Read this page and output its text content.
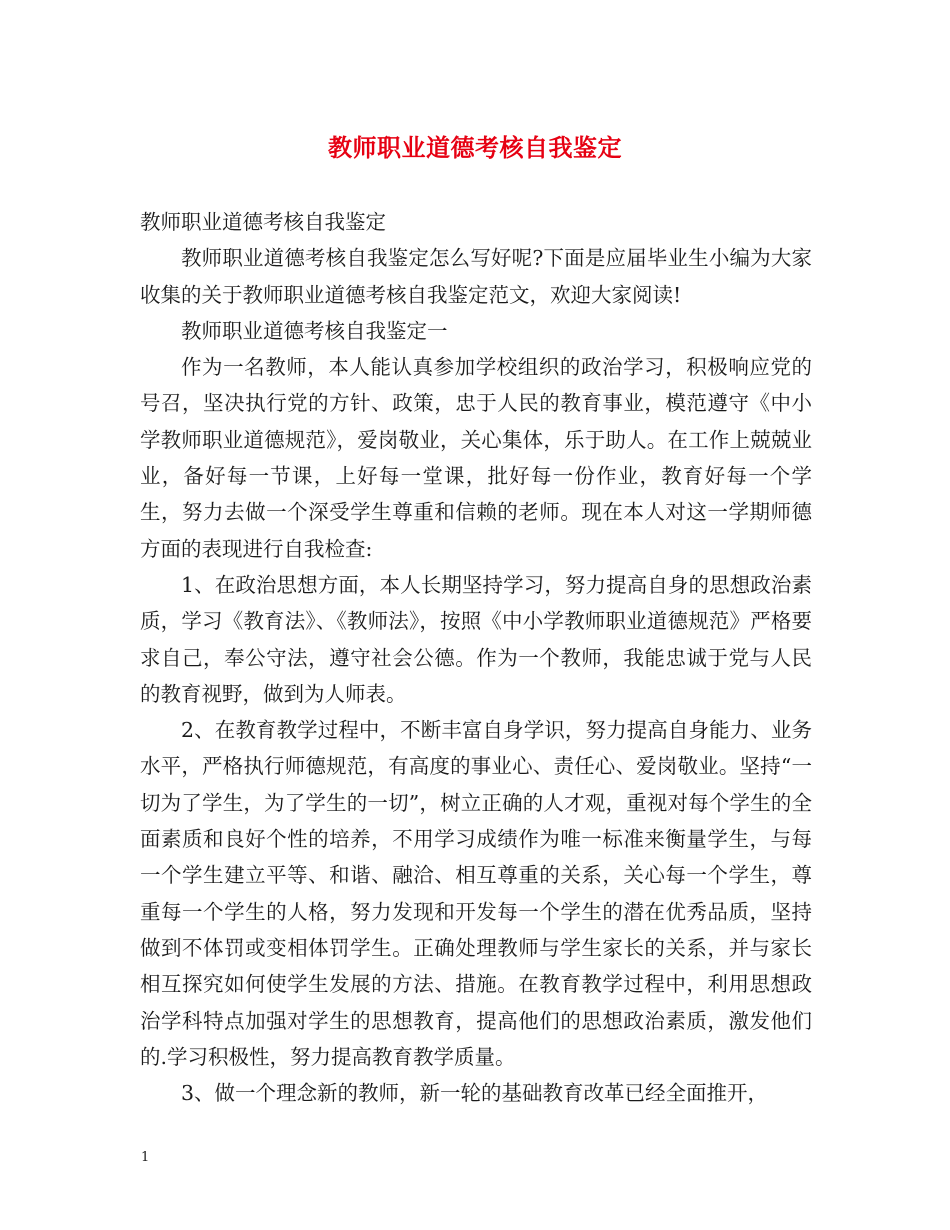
教师职业道德考核自我鉴定

教师职业道德考核自我鉴定

教师职业道德考核自我鉴定怎么写好呢?下面是应届毕业生小编为大家收集的关于教师职业道德考核自我鉴定范文，欢迎大家阅读!

教师职业道德考核自我鉴定一

作为一名教师，本人能认真参加学校组织的政治学习，积极响应党的号召，坚决执行党的方针、政策，忠于人民的教育事业，模范遵守《中小学教师职业道德规范》，爱岗敬业，关心集体，乐于助人。在工作上兢兢业业，备好每一节课，上好每一堂课，批好每一份作业，教育好每一个学生，努力去做一个深受学生尊重和信赖的老师。现在本人对这一学期师德方面的表现进行自我检查:

1、在政治思想方面，本人长期坚持学习，努力提高自身的思想政治素质，学习《教育法》、《教师法》，按照《中小学教师职业道德规范》严格要求自己，奉公守法，遵守社会公德。作为一个教师，我能忠诚于党与人民的教育视野，做到为人师表。

2、在教育教学过程中，不断丰富自身学识，努力提高自身能力、业务水平，严格执行师德规范，有高度的事业心、责任心、爱岗敬业。坚持“一切为了学生，为了学生的一切”，树立正确的人才观，重视对每个学生的全面素质和良好个性的培养，不用学习成绩作为唯一标准来衡量学生，与每一个学生建立平等、和谐、融洽、相互尊重的关系，关心每一个学生，尊重每一个学生的人格，努力发现和开发每一个学生的潜在优秀品质，坚持做到不体罚或变相体罚学生。正确处理教师与学生家长的关系，并与家长相互探究如何使学生发展的方法、措施。在教育教学过程中，利用思想政治学科特点加强对学生的思想教育，提高他们的思想政治素质，激发他们的.学习积极性，努力提高教育教学质量。

3、做一个理念新的教师，新一轮的基础教育改革已经全面推开，

1
